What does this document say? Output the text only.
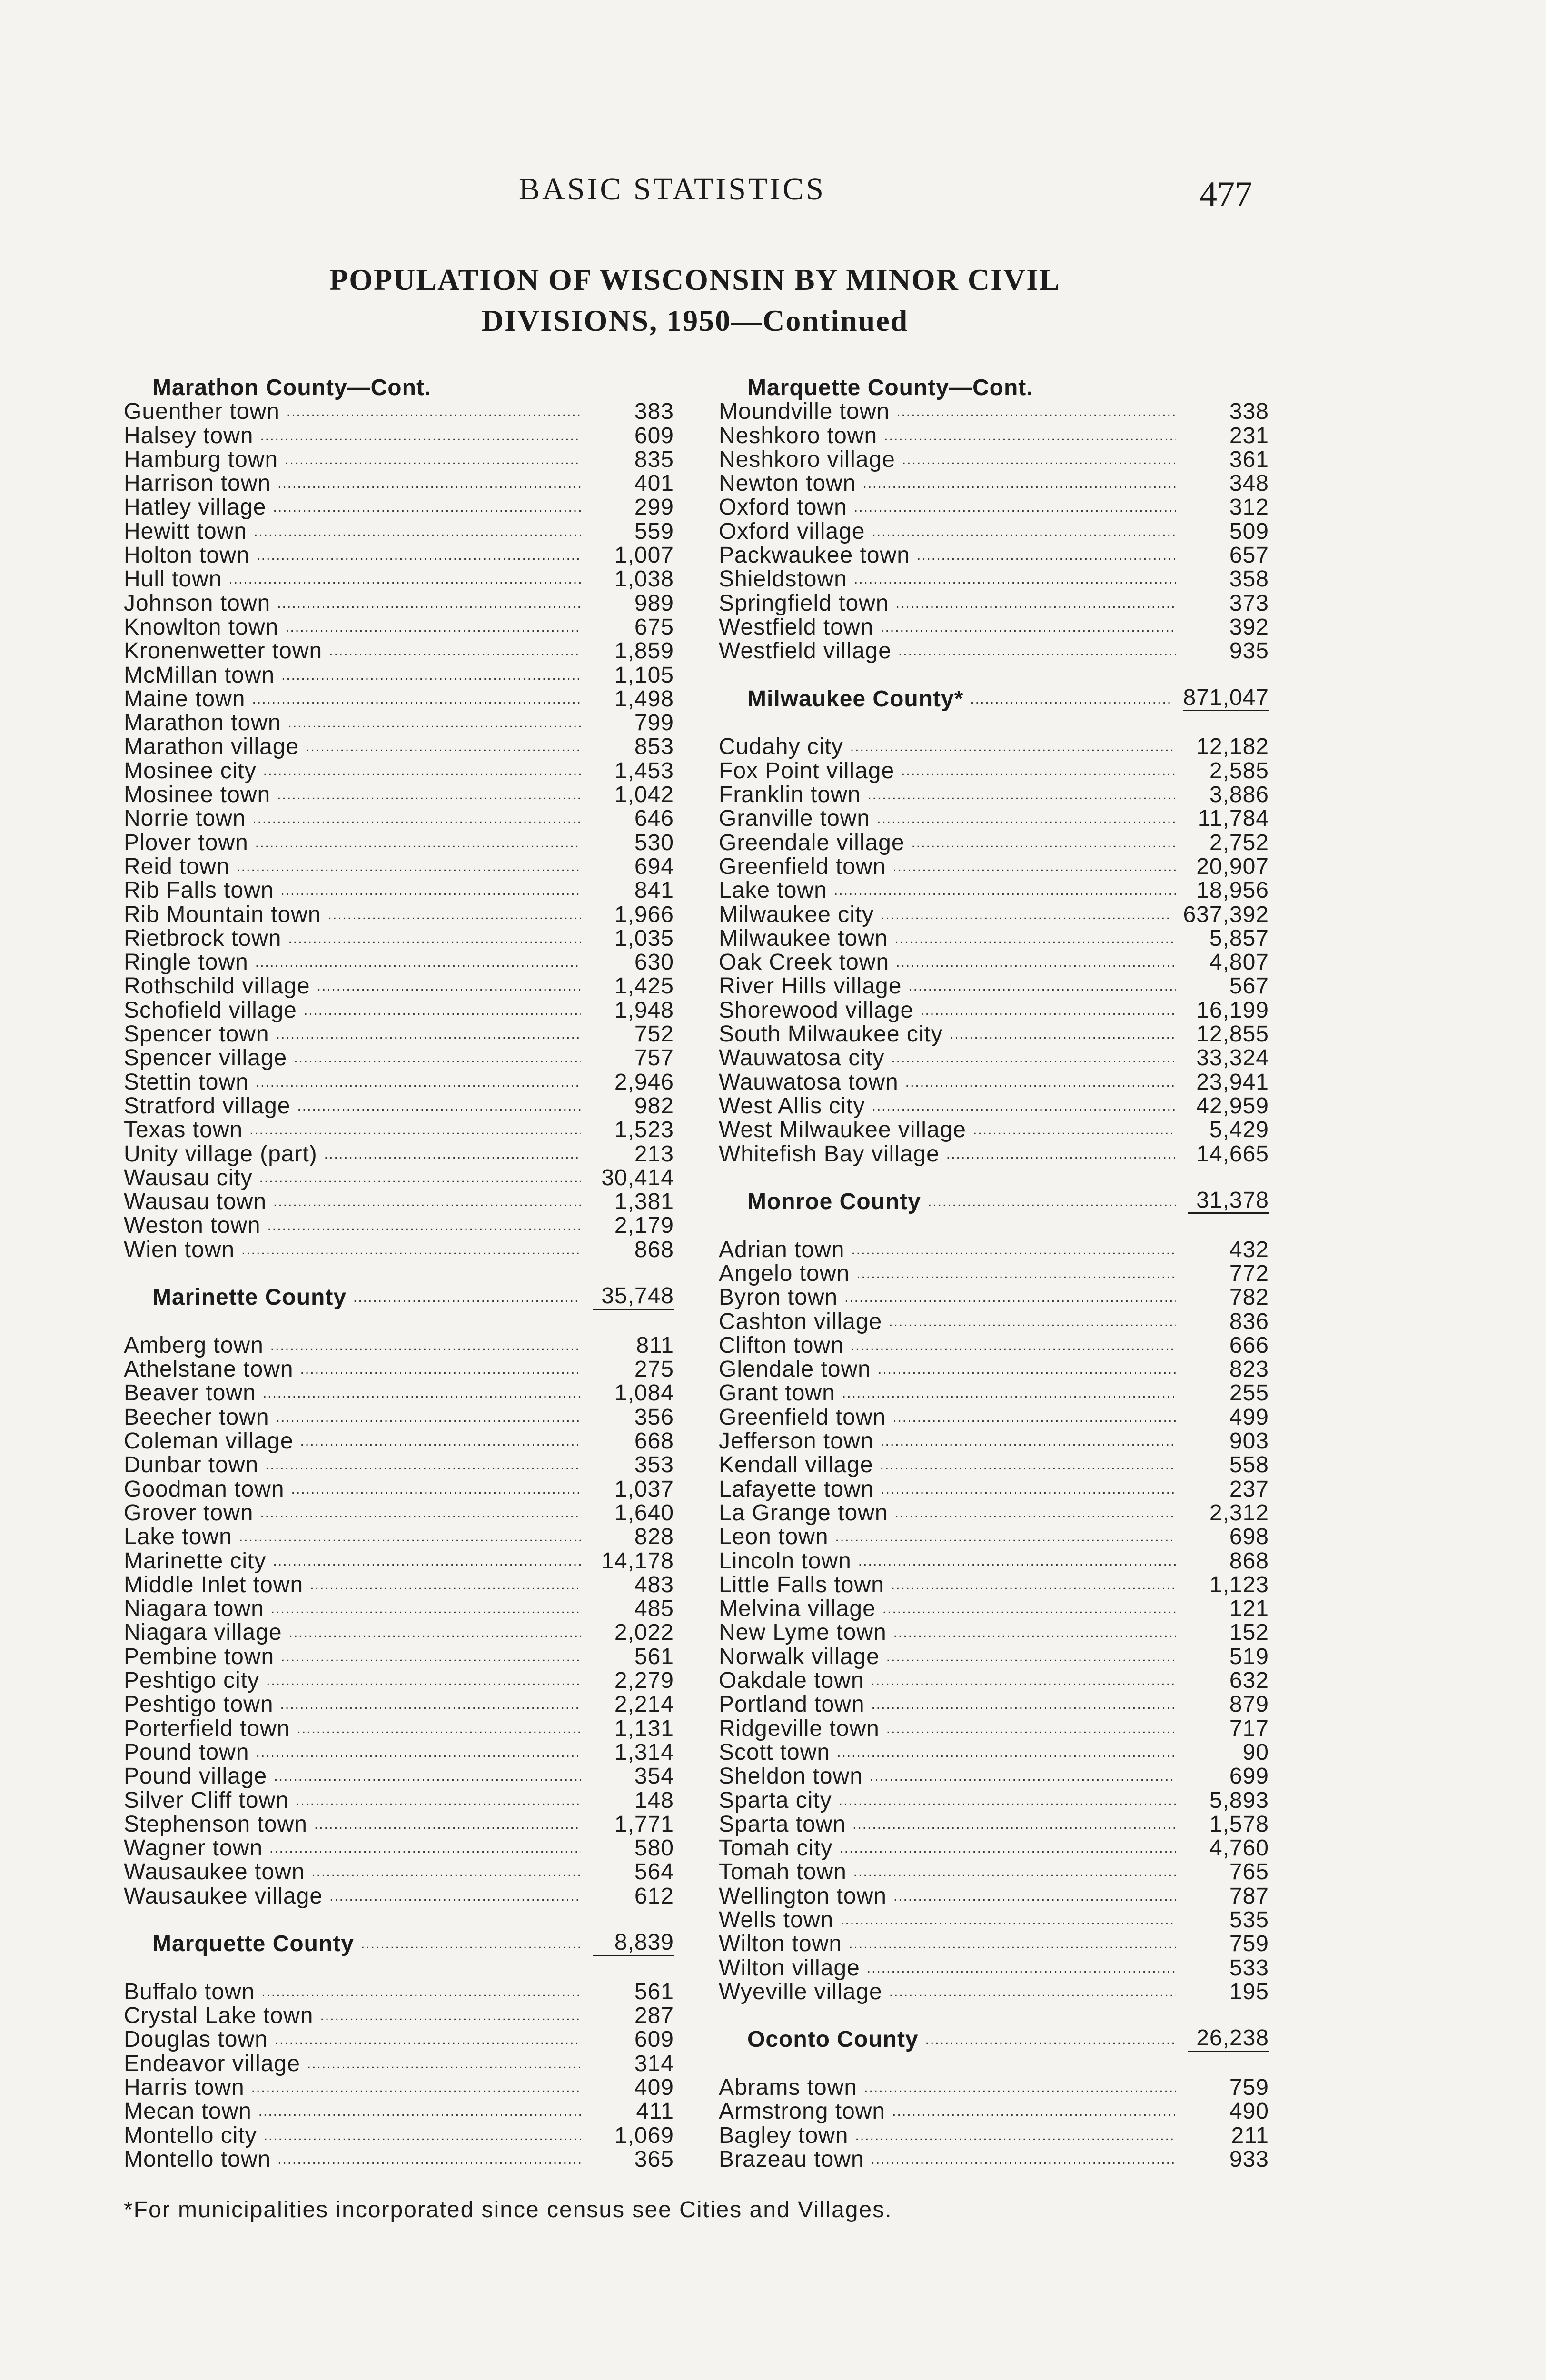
BASIC STATISTICS	477
POPULATION OF WISCONSIN BY MINOR CIVIL
DIVISIONS, 1950—Continued
Marathon County—Cont.
Guenther town .....	383
Halsey town .....	609
Hamburg town .....	835
Harrison town .....	401
Hatley village .....	299
Hewitt town .....	559
Holton town .....	1,007
Hull town .....	1,038
Johnson town .....	989
Knowlton town .....	675
Kronenwetter town .....	1,859
McMillan town .....	1,105
Maine town .....	1,498
Marathon town .....	799
Marathon village .....	853
Mosinee city .....	1,453
Mosinee town .....	1,042
Norrie town .....	646
Plover town .....	530
Reid town .....	694
Rib Falls town .....	841
Rib Mountain town .....	1,966
Rietbrock town .....	1,035
Ringle town .....	630
Rothschild village .....	1,425
Schofield village .....	1,948
Spencer town .....	752
Spencer village .....	757
Stettin town .....	2,946
Stratford village .....	982
Texas town .....	1,523
Unity village (part) .....	213
Wausau city .....	30,414
Wausau town .....	1,381
Weston town .....	2,179
Wien town .....	868
Marinette County .....	35,748
Amberg town .....	811
Athelstane town .....	275
Beaver town .....	1,084
Beecher town .....	356
Coleman village .....	668
Dunbar town .....	353
Goodman town .....	1,037
Grover town .....	1,640
Lake town .....	828
Marinette city .....	14,178
Middle Inlet town .....	483
Niagara town .....	485
Niagara village .....	2,022
Pembine town .....	561
Peshtigo city .....	2,279
Peshtigo town .....	2,214
Porterfield town .....	1,131
Pound town .....	1,314
Pound village .....	354
Silver Cliff town .....	148
Stephenson town .....	1,771
Wagner town .....	580
Wausaukee town .....	564
Wausaukee village .....	612
Marquette County .....	8,839
Buffalo town .....	561
Crystal Lake town .....	287
Douglas town .....	609
Endeavor village .....	314
Harris town .....	409
Mecan town .....	411
Montello city .....	1,069
Montello town .....	365
Marquette County—Cont.
Moundville town .....	338
Neshkoro town .....	231
Neshkoro village .....	361
Newton town .....	348
Oxford town .....	312
Oxford village .....	509
Packwaukee town .....	657
Shieldstown .....	358
Springfield town .....	373
Westfield town .....	392
Westfield village .....	935
Milwaukee County* .....	871,047
Cudahy city .....	12,182
Fox Point village .....	2,585
Franklin town .....	3,886
Granville town .....	11,784
Greendale village .....	2,752
Greenfield town .....	20,907
Lake town .....	18,956
Milwaukee city .....	637,392
Milwaukee town .....	5,857
Oak Creek town .....	4,807
River Hills village .....	567
Shorewood village .....	16,199
South Milwaukee city .....	12,855
Wauwatosa city .....	33,324
Wauwatosa town .....	23,941
West Allis city .....	42,959
West Milwaukee village .....	5,429
Whitefish Bay village .....	14,665
Monroe County .....	31,378
Adrian town .....	432
Angelo town .....	772
Byron town .....	782
Cashton village .....	836
Clifton town .....	666
Glendale town .....	823
Grant town .....	255
Greenfield town .....	499
Jefferson town .....	903
Kendall village .....	558
Lafayette town .....	237
La Grange town .....	2,312
Leon town .....	698
Lincoln town .....	868
Little Falls town .....	1,123
Melvina village .....	121
New Lyme town .....	152
Norwalk village .....	519
Oakdale town .....	632
Portland town .....	879
Ridgeville town .....	717
Scott town .....	90
Sheldon town .....	699
Sparta city .....	5,893
Sparta town .....	1,578
Tomah city .....	4,760
Tomah town .....	765
Wellington town .....	787
Wells town .....	535
Wilton town .....	759
Wilton village .....	533
Wyeville village .....	195
Oconto County .....	26,238
Abrams town .....	759
Armstrong town .....	490
Bagley town .....	211
Brazeau town .....	933
*For municipalities incorporated since census see Cities and Villages.
